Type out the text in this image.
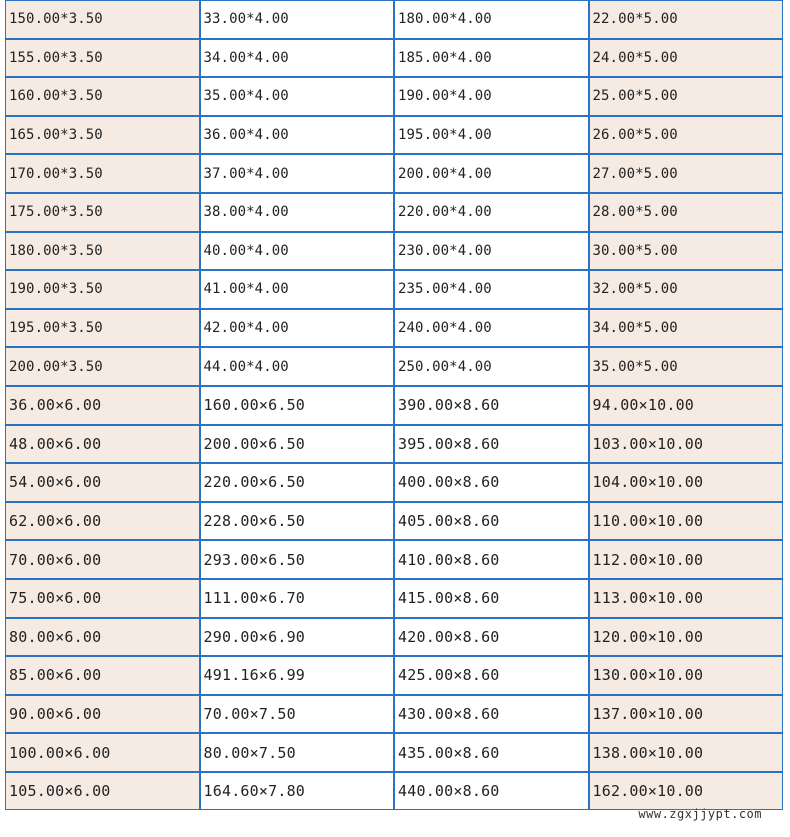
150.00*3.50	33.00*4.00	180.00*4.00	22.00*5.00
155.00*3.50	34.00*4.00	185.00*4.00	24.00*5.00
160.00*3.50	35.00*4.00	190.00*4.00	25.00*5.00
165.00*3.50	36.00*4.00	195.00*4.00	26.00*5.00
170.00*3.50	37.00*4.00	200.00*4.00	27.00*5.00
175.00*3.50	38.00*4.00	220.00*4.00	28.00*5.00
180.00*3.50	40.00*4.00	230.00*4.00	30.00*5.00
190.00*3.50	41.00*4.00	235.00*4.00	32.00*5.00
195.00*3.50	42.00*4.00	240.00*4.00	34.00*5.00
200.00*3.50	44.00*4.00	250.00*4.00	35.00*5.00
36.00×6.00	160.00×6.50	390.00×8.60	94.00×10.00
48.00×6.00	200.00×6.50	395.00×8.60	103.00×10.00
54.00×6.00	220.00×6.50	400.00×8.60	104.00×10.00
62.00×6.00	228.00×6.50	405.00×8.60	110.00×10.00
70.00×6.00	293.00×6.50	410.00×8.60	112.00×10.00
75.00×6.00	111.00×6.70	415.00×8.60	113.00×10.00
80.00×6.00	290.00×6.90	420.00×8.60	120.00×10.00
85.00×6.00	491.16×6.99	425.00×8.60	130.00×10.00
90.00×6.00	70.00×7.50	430.00×8.60	137.00×10.00
100.00×6.00	80.00×7.50	435.00×8.60	138.00×10.00
105.00×6.00	164.60×7.80	440.00×8.60	162.00×10.00
www.zgxjjypt.com
